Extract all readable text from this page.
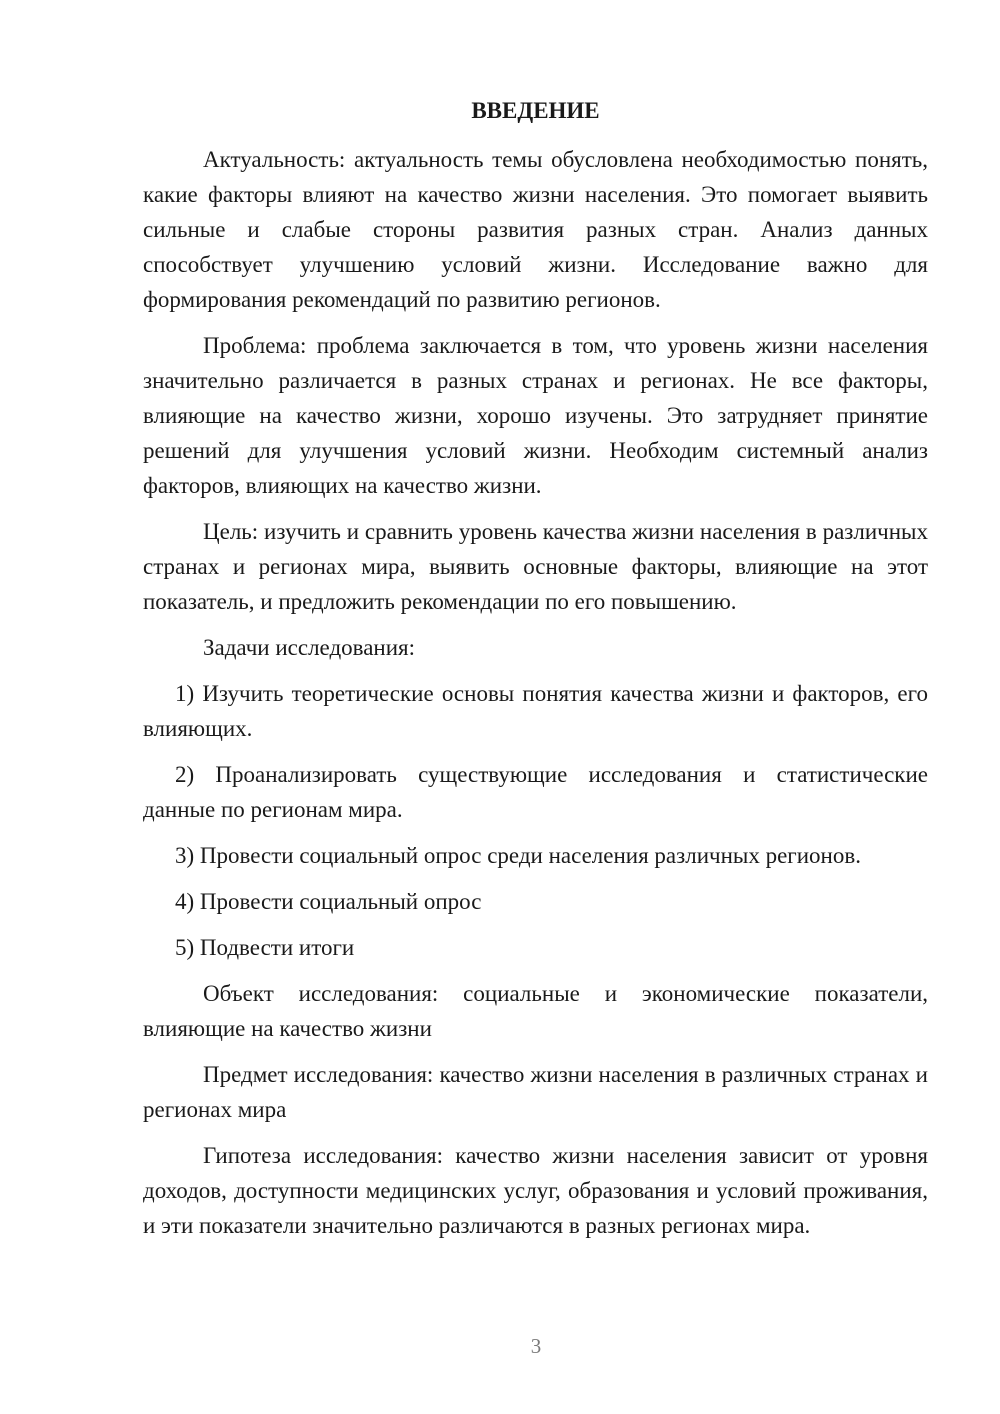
ВВЕДЕНИЕ

Актуальность: актуальность темы обусловлена необходимостью понять, какие факторы влияют на качество жизни населения. Это помогает выявить сильные и слабые стороны развития разных стран. Анализ данных способствует улучшению условий жизни. Исследование важно для формирования рекомендаций по развитию регионов.

Проблема: проблема заключается в том, что уровень жизни населения значительно различается в разных странах и регионах. Не все факторы, влияющие на качество жизни, хорошо изучены. Это затрудняет принятие решений для улучшения условий жизни. Необходим системный анализ факторов, влияющих на качество жизни.

Цель: изучить и сравнить уровень качества жизни населения в различных странах и регионах мира, выявить основные факторы, влияющие на этот показатель, и предложить рекомендации по его повышению.

Задачи исследования:

1) Изучить теоретические основы понятия качества жизни и факторов, его влияющих.

2) Проанализировать существующие исследования и статистические данные по регионам мира.

3) Провести социальный опрос среди населения различных регионов.

4) Провести социальный опрос

5) Подвести итоги

Объект исследования: социальные и экономические показатели, влияющие на качество жизни

Предмет исследования: качество жизни населения в различных странах и регионах мира

Гипотеза исследования: качество жизни населения зависит от уровня доходов, доступности медицинских услуг, образования и условий проживания, и эти показатели значительно различаются в разных регионах мира.

3
